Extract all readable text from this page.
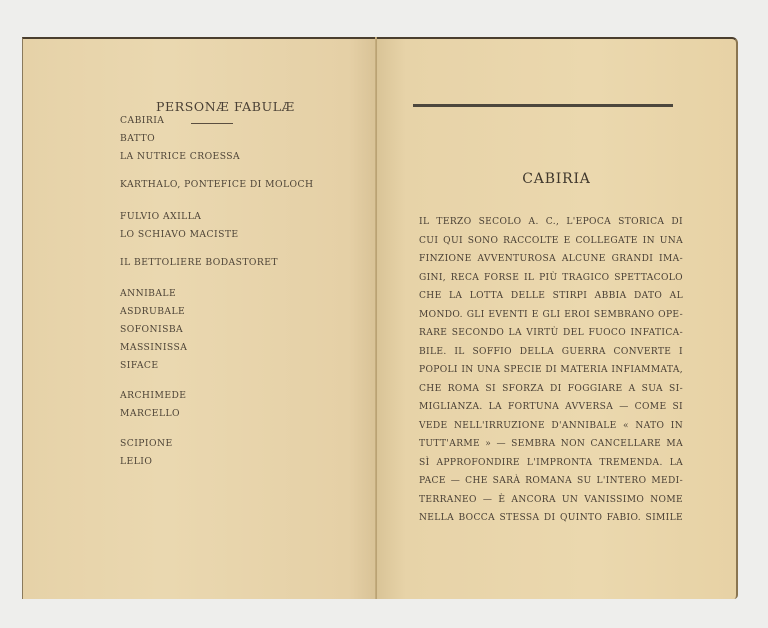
PERSONÆ FABULÆ
CABIRIA
BATTO
LA NUTRICE CROESSA
KARTHALO, PONTEFICE DI MOLOCH
FULVIO AXILLA
LO SCHIAVO MACISTE
IL BETTOLIERE BODASTORET
ANNIBALE
ASDRUBALE
SOFONISBA
MASSINISSA
SIFACE
ARCHIMEDE
MARCELLO
SCIPIONE
LELIO
CABIRIA
IL TERZO SECOLO A. C., L'EPOCA STORICA DI
CUI QUI SONO RACCOLTE E COLLEGATE IN UNA
FINZIONE AVVENTUROSA ALCUNE GRANDI IMA-
GINI, RECA FORSE IL PIÙ TRAGICO SPETTACOLO
CHE LA LOTTA DELLE STIRPI ABBIA DATO AL
MONDO. GLI EVENTI E GLI EROI SEMBRANO OPE-
RARE SECONDO LA VIRTÙ DEL FUOCO INFATICA-
BILE. IL SOFFIO DELLA GUERRA CONVERTE I
POPOLI IN UNA SPECIE DI MATERIA INFIAMMATA,
CHE ROMA SI SFORZA DI FOGGIARE A SUA SI-
MIGLIANZA. LA FORTUNA AVVERSA — COME SI
VEDE NELL'IRRUZIONE D'ANNIBALE « NATO IN
TUTT'ARME » — SEMBRA NON CANCELLARE MA
SÌ APPROFONDIRE L'IMPRONTA TREMENDA. LA
PACE — CHE SARÀ ROMANA SU L'INTERO MEDI-
TERRANEO — È ANCORA UN VANISSIMO NOME
NELLA BOCCA STESSA DI QUINTO FABIO. SIMILE
